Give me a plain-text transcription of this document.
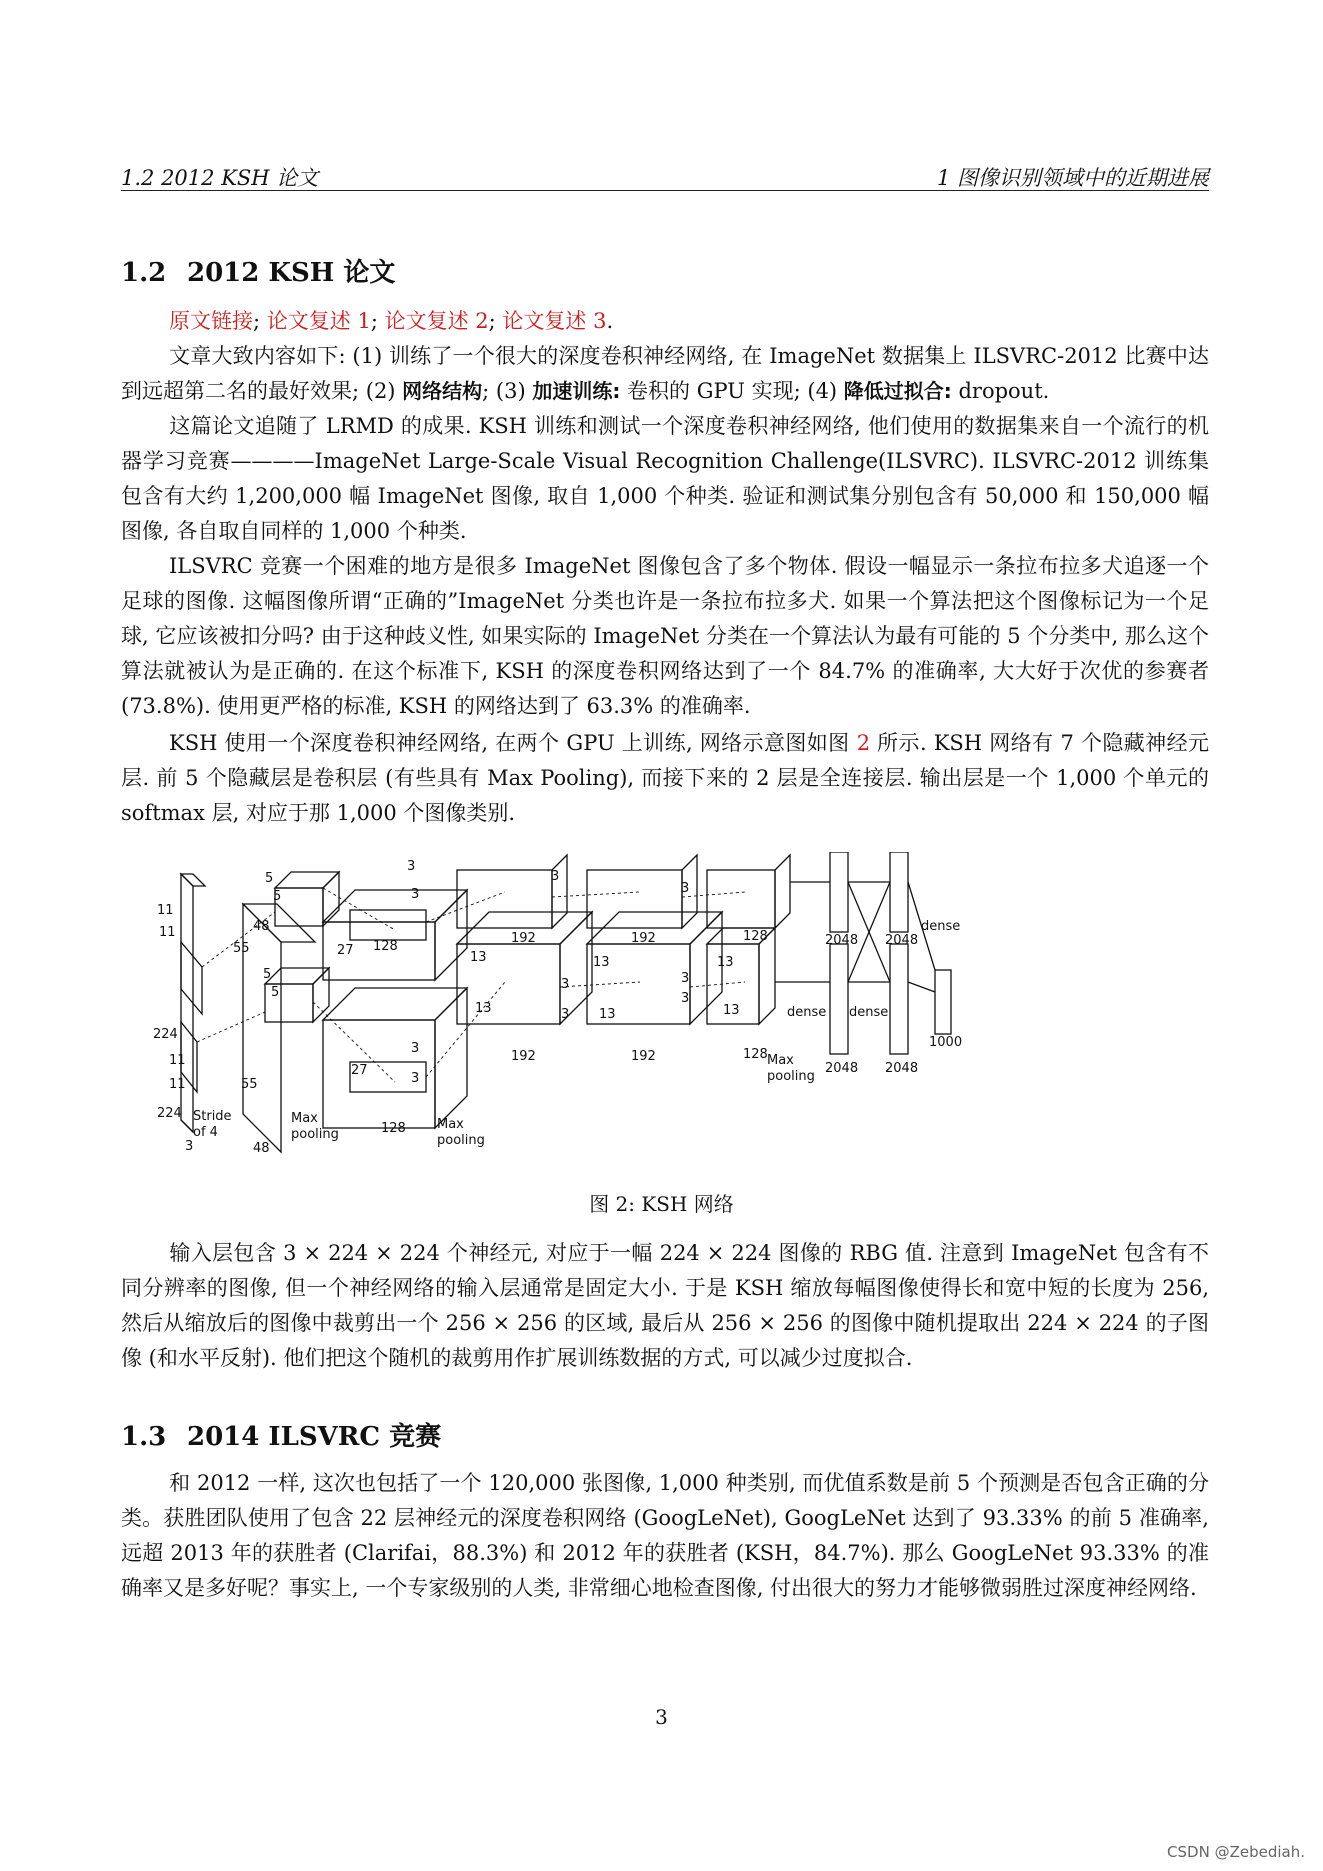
1.2 2012 KSH 论文	1 图像识别领域中的近期进展
1.2 2012 KSH 论文

原文链接; 论文复述 1; 论文复述 2; 论文复述 3.

文章大致内容如下: (1) 训练了一个很大的深度卷积神经网络, 在 ImageNet 数据集上 ILSVRC-2012 比赛中达到远超第二名的最好效果; (2) 网络结构; (3) 加速训练: 卷积的 GPU 实现; (4) 降低过拟合: dropout.

这篇论文追随了 LRMD 的成果. KSH 训练和测试一个深度卷积神经网络, 他们使用的数据集来自一个流行的机器学习竞赛————ImageNet Large-Scale Visual Recognition Challenge(ILSVRC). ILSVRC-2012 训练集包含有大约 1,200,000 幅 ImageNet 图像, 取自 1,000 个种类. 验证和测试集分别包含有 50,000 和 150,000 幅图像, 各自取自同样的 1,000 个种类.

ILSVRC 竞赛一个困难的地方是很多 ImageNet 图像包含了多个物体. 假设一幅显示一条拉布拉多犬追逐一个足球的图像. 这幅图像所谓“正确的”ImageNet 分类也许是一条拉布拉多犬. 如果一个算法把这个图像标记为一个足球, 它应该被扣分吗? 由于这种歧义性, 如果实际的 ImageNet 分类在一个算法认为最有可能的 5 个分类中, 那么这个算法就被认为是正确的. 在这个标准下, KSH 的深度卷积网络达到了一个 84.7% 的准确率, 大大好于次优的参赛者 (73.8%). 使用更严格的标准, KSH 的网络达到了 63.3% 的准确率.

KSH 使用一个深度卷积神经网络, 在两个 GPU 上训练, 网络示意图如图 2 所示. KSH 网络有 7 个隐藏神经元层. 前 5 个隐藏层是卷积层 (有些具有 Max Pooling), 而接下来的 2 层是全连接层. 输出层是一个 1,000 个单元的 softmax 层, 对应于那 1,000 个图像类别.

224
224
3
11
11
11
11
Stride
of 4
55
55
48
48
5
5
5
5
Max
pooling
27
27
128
128
3
3
3
3
Max
pooling
13
13
13
13
3
3
3
3
3
3
192
192
192
192
13
13
128
128 Max
pooling
2048 2048
2048 2048
dense dense
dense
1000
图 2: KSH 网络

输入层包含 3 × 224 × 224 个神经元, 对应于一幅 224 × 224 图像的 RBG 值. 注意到 ImageNet 包含有不同分辨率的图像, 但一个神经网络的输入层通常是固定大小. 于是 KSH 缩放每幅图像使得长和宽中短的长度为 256, 然后从缩放后的图像中裁剪出一个 256 × 256 的区域, 最后从 256 × 256 的图像中随机提取出 224 × 224 的子图像 (和水平反射). 他们把这个随机的裁剪用作扩展训练数据的方式, 可以减少过度拟合.

1.3 2014 ILSVRC 竞赛

和 2012 一样, 这次也包括了一个 120,000 张图像, 1,000 种类别, 而优值系数是前 5 个预测是否包含正确的分类。获胜团队使用了包含 22 层神经元的深度卷积网络 (GoogLeNet), GoogLeNet 达到了 93.33% 的前 5 准确率, 远超 2013 年的获胜者 (Clarifai，88.3%) 和 2012 年的获胜者 (KSH，84.7%). 那么 GoogLeNet 93.33% 的准确率又是多好呢？事实上, 一个专家级别的人类, 非常细心地检查图像, 付出很大的努力才能够微弱胜过深度神经网络.

3
CSDN @Zebediah.
